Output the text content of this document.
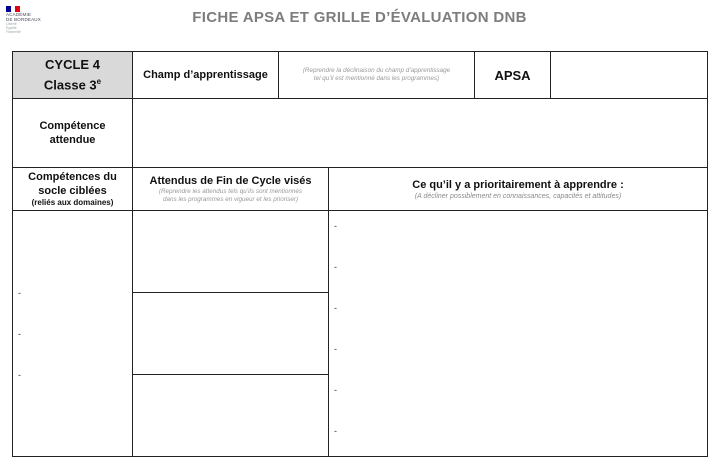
ACADÉMIE
DE BORDEAUX
Liberté
Égalité
Fraternité
FICHE APSA ET GRILLE D’ÉVALUATION DNB
CYCLE 4
Classe 3e
Champ d’apprentissage	(Reprendre la déclinaison du champ d’apprentissage
tel qu’il est mentionné dans les programmes)	APSA
Compétence
attendue
Compétences du
socle ciblées
(reliés aux domaines)
Attendus de Fin de Cycle visés
(Reprendre les attendus tels qu’ils sont mentionnés
dans les programmes en vigueur et les prioriser)
Ce qu’il y a prioritairement à apprendre :
(A décliner possiblement en connaissances, capacités et attitudes)
-
-
-
-
-
-
-
-
-
